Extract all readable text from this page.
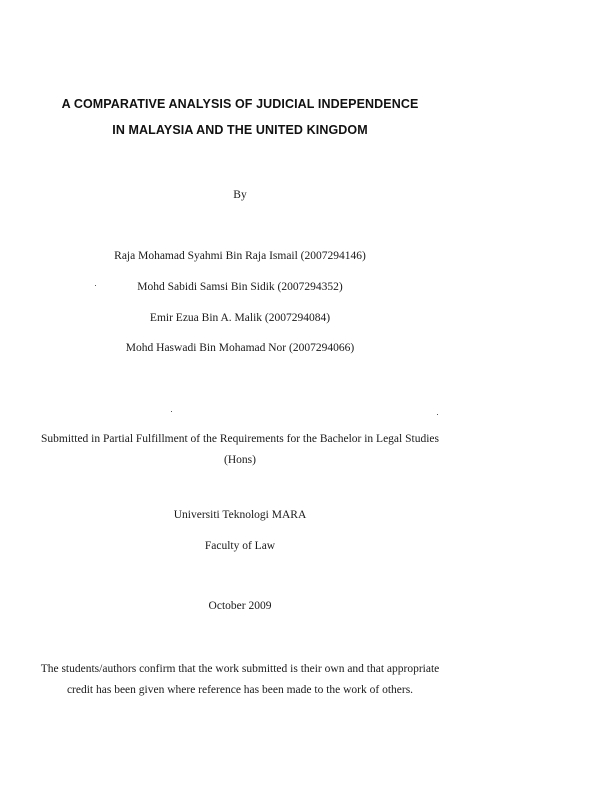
A COMPARATIVE ANALYSIS OF JUDICIAL INDEPENDENCE
IN MALAYSIA AND THE UNITED KINGDOM
By
Raja Mohamad Syahmi Bin Raja Ismail (2007294146)
Mohd Sabidi Samsi Bin Sidik (2007294352)
Emir Ezua Bin A. Malik (2007294084)
Mohd Haswadi Bin Mohamad Nor (2007294066)
Submitted in Partial Fulfillment of the Requirements for the Bachelor in Legal Studies (Hons)
Universiti Teknologi MARA
Faculty of Law
October 2009
The students/authors confirm that the work submitted is their own and that appropriate credit has been given where reference has been made to the work of others.
